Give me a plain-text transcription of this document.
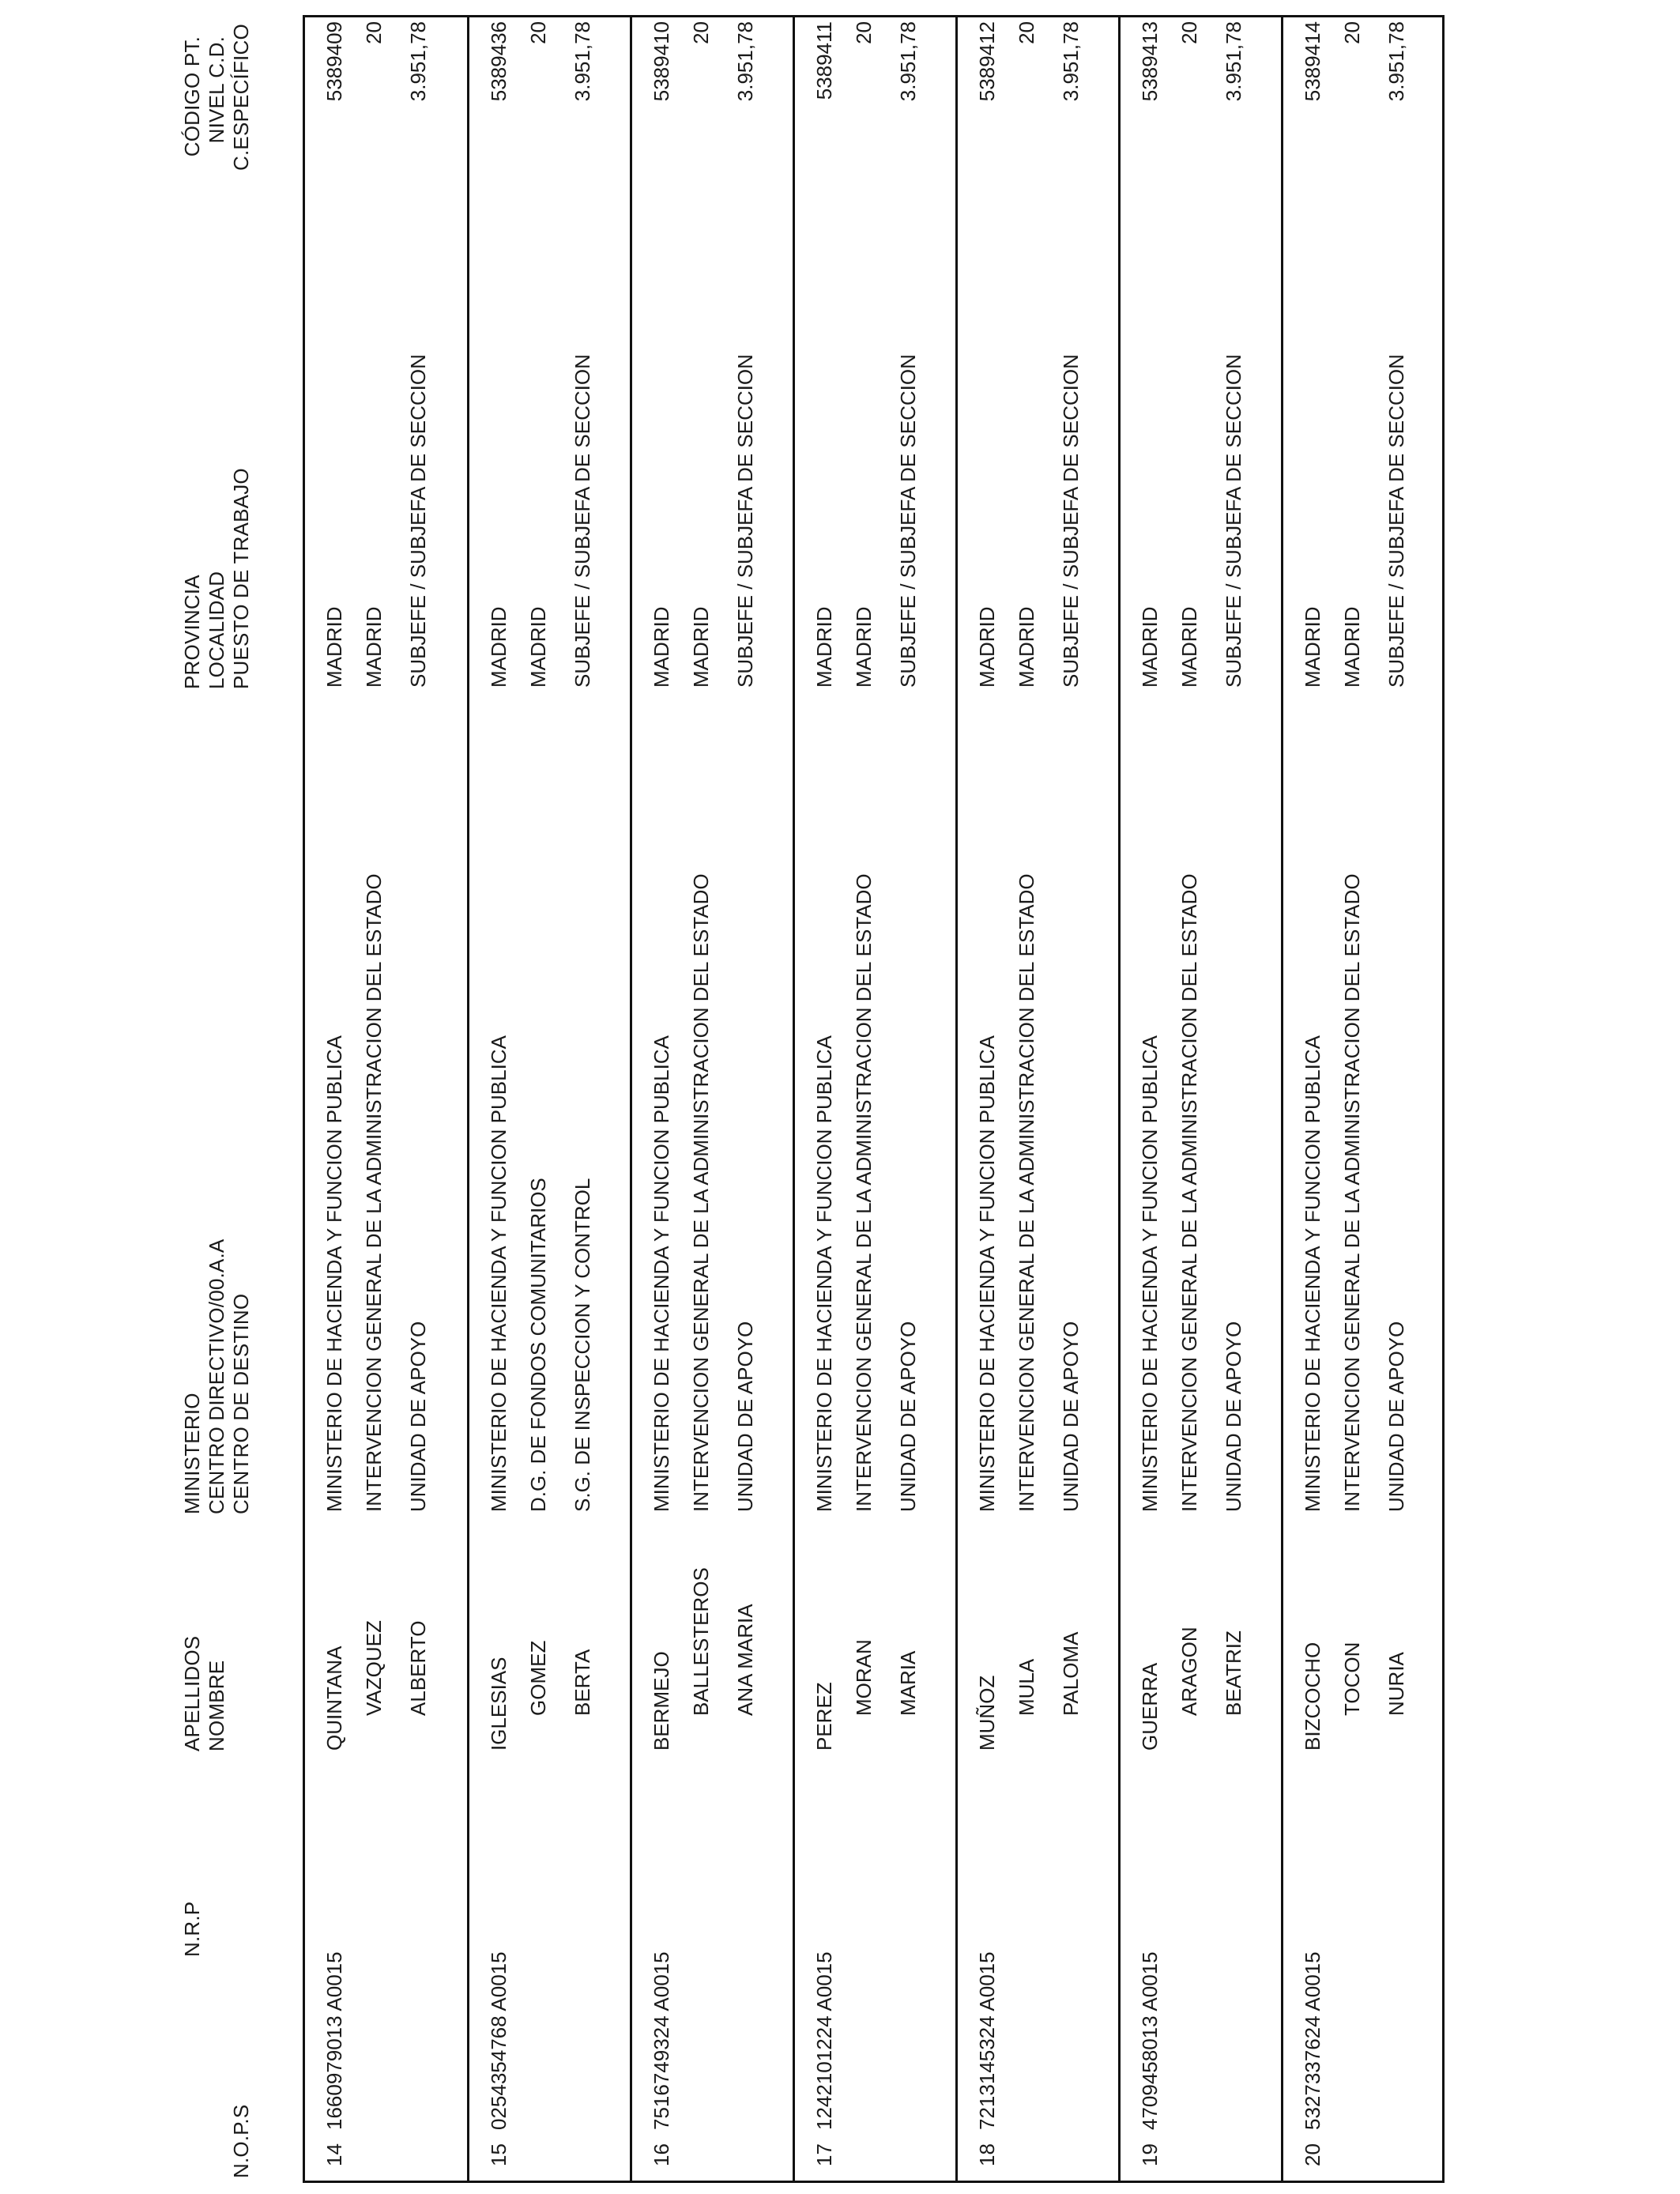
N.O.P.S
N.R.P
APELLIDOS NOMBRE
MINISTERIO CENTRO DIRECTIVO/00.A.A CENTRO DE DESTINO
PROVINCIA LOCALIDAD PUESTO DE TRABAJO
CÓDIGO PT. NIVEL C.D. C.ESPECÍFICO
14
1660979013 A0015
QUINTANA VAZQUEZ ALBERTO
MINISTERIO DE HACIENDA Y FUNCION PUBLICA INTERVENCION GENERAL DE LA ADMINISTRACION DEL ESTADO UNIDAD DE APOYO
MADRID MADRID SUBJEFE / SUBJEFA DE SECCION
5389409 20 3.951,78
15
0254354768 A0015
IGLESIAS GOMEZ BERTA
MINISTERIO DE HACIENDA Y FUNCION PUBLICA D.G. DE FONDOS COMUNITARIOS S.G. DE INSPECCION Y CONTROL
MADRID MADRID SUBJEFE / SUBJEFA DE SECCION
5389436 20 3.951,78
16
7516749324 A0015
BERMEJO BALLESTEROS ANA MARIA
MINISTERIO DE HACIENDA Y FUNCION PUBLICA INTERVENCION GENERAL DE LA ADMINISTRACION DEL ESTADO UNIDAD DE APOYO
MADRID MADRID SUBJEFE / SUBJEFA DE SECCION
5389410 20 3.951,78
17
1242101224 A0015
PEREZ
MORAN MARIA
MINISTERIO DE HACIENDA Y FUNCION PUBLICA INTERVENCION GENERAL DE LA ADMINISTRACION DEL ESTADO UNIDAD DE APOYO
MADRID MADRID SUBJEFE / SUBJEFA DE SECCION
5389411 20 3.951,78
18
7213145324 A0015
MUÑOZ MULA PALOMA
MINISTERIO DE HACIENDA Y FUNCION PUBLICA INTERVENCION GENERAL DE LA ADMINISTRACION DEL ESTADO UNIDAD DE APOYO
MADRID MADRID SUBJEFE / SUBJEFA DE SECCION
5389412 20 3.951,78
19
4709458013 A0015
GUERRA ARAGON BEATRIZ
MINISTERIO DE HACIENDA Y FUNCION PUBLICA INTERVENCION GENERAL DE LA ADMINISTRACION DEL ESTADO UNIDAD DE APOYO
MADRID MADRID SUBJEFE / SUBJEFA DE SECCION
5389413 20 3.951,78
20
5327337624 A0015
BIZCOCHO TOCON NURIA
MINISTERIO DE HACIENDA Y FUNCION PUBLICA INTERVENCION GENERAL DE LA ADMINISTRACION DEL ESTADO UNIDAD DE APOYO
MADRID MADRID SUBJEFE / SUBJEFA DE SECCION
5389414 20 3.951,78
